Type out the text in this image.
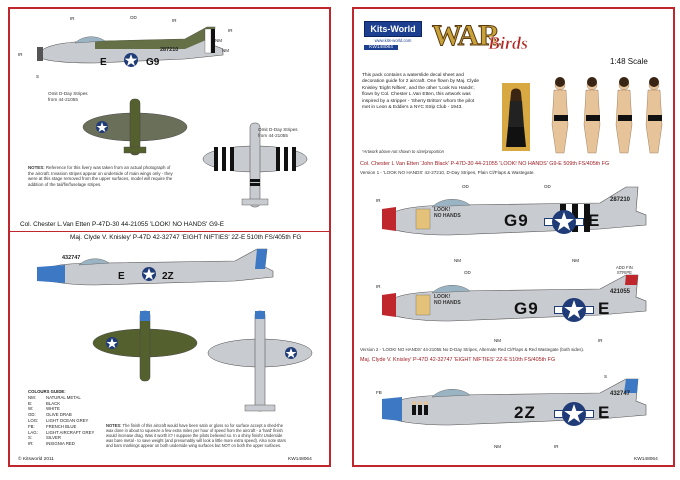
287210
E	G9
IR	OD
IR
IR
NM
NM
S
IR
Omit D-Day Stripes
from 44-21055
Omit D-Day Stripes
from 44-21055
NOTES: Reference for this livery was taken from an actual photograph of the aircraft. Invasion stripes appear on underside of main wings only - they were at this stage removed from the upper surfaces, model will require the addition of the tail/fin/fuselage stripes.
Col. Chester L.Van Etten P-47D-30 44-21055 'LOOK! NO HANDS' G9-E
Maj. Clyde V. Knisley' P-47D 42-32747 'EIGHT NIFTIES' 2Z-E 510th FS/405th FG
432747
E	2Z
COLOURS GUIDE:
NM:	NATURAL METAL
B:	BLACK
W:	WHITE
OD:	OLIVE DRAB
LOG:	LIGHT OCEAN GREY
FB:	FRENCH BLUE
LAG:	LIGHT AIRCRAFT GREY
S:	SILVER
IR:	INSIGNIA RED
NOTES: The finish of this aircraft would have been satin or gloss so for surface accept a shed-the wax done in about to squeeze a few extra miles per hour of speed from the aircraft - a 'hard' finish would increase drag. Was it worth it? I suppose the pilots believed so. In a shiny finish! Underside was bare metal - to save weight (and presumably will look a little more extra speed). Also note stars and bars markings appear on both underside wing surfaces but NOT on both the upper surfaces.
© Kitsworld 2011	KW148064
Kits-World
www.kits-world.com
KW148064 WAR
Birds
1:48 Scale
This pack contains a waterslide decal sheet and decoration guide for 2 aircraft. One flown by Maj. Clyde Knisley 'Eight Nifties', and the other 'Look No Hands', flown by Col. Chester L.Van Etten, this artwork was inspired by a stripper - 'Sherry Britton' whom the pilot met in Leon & Eddie's a NYC Strip Club - 1943.
*Artwork above not shown to size/proportion
Col. Chester L Van Etten 'John Black' P-47D-30 44-21055 'LOOK! NO HANDS' G9-E 509th FS/405th FG
Version 1 - 'LOOK NO HANDS' 42-27210, D-Day Stripes, Plain Cl/Flaps & Wastegate.
LOOK!
NO HANDS
287210
G9	E
IR
OD	OD
NM	NM
LOOK!
NO HANDS
ADD FIN
STRIPE
421055
G9	E
IR
OD
NM	IR
Version 2 - 'LOOK! NO HANDS' 44-21055 No D-Day Stripes, Alternate Red Cl/Flaps & Red Wastegate (both sides).
Maj. Clyde V. Knisley' P-47D 42-32747 'EIGHT NIFTIES' 2Z-E 510th FS/405th FG
432747
2Z	E
FB
S
NM	IR
KW148064
